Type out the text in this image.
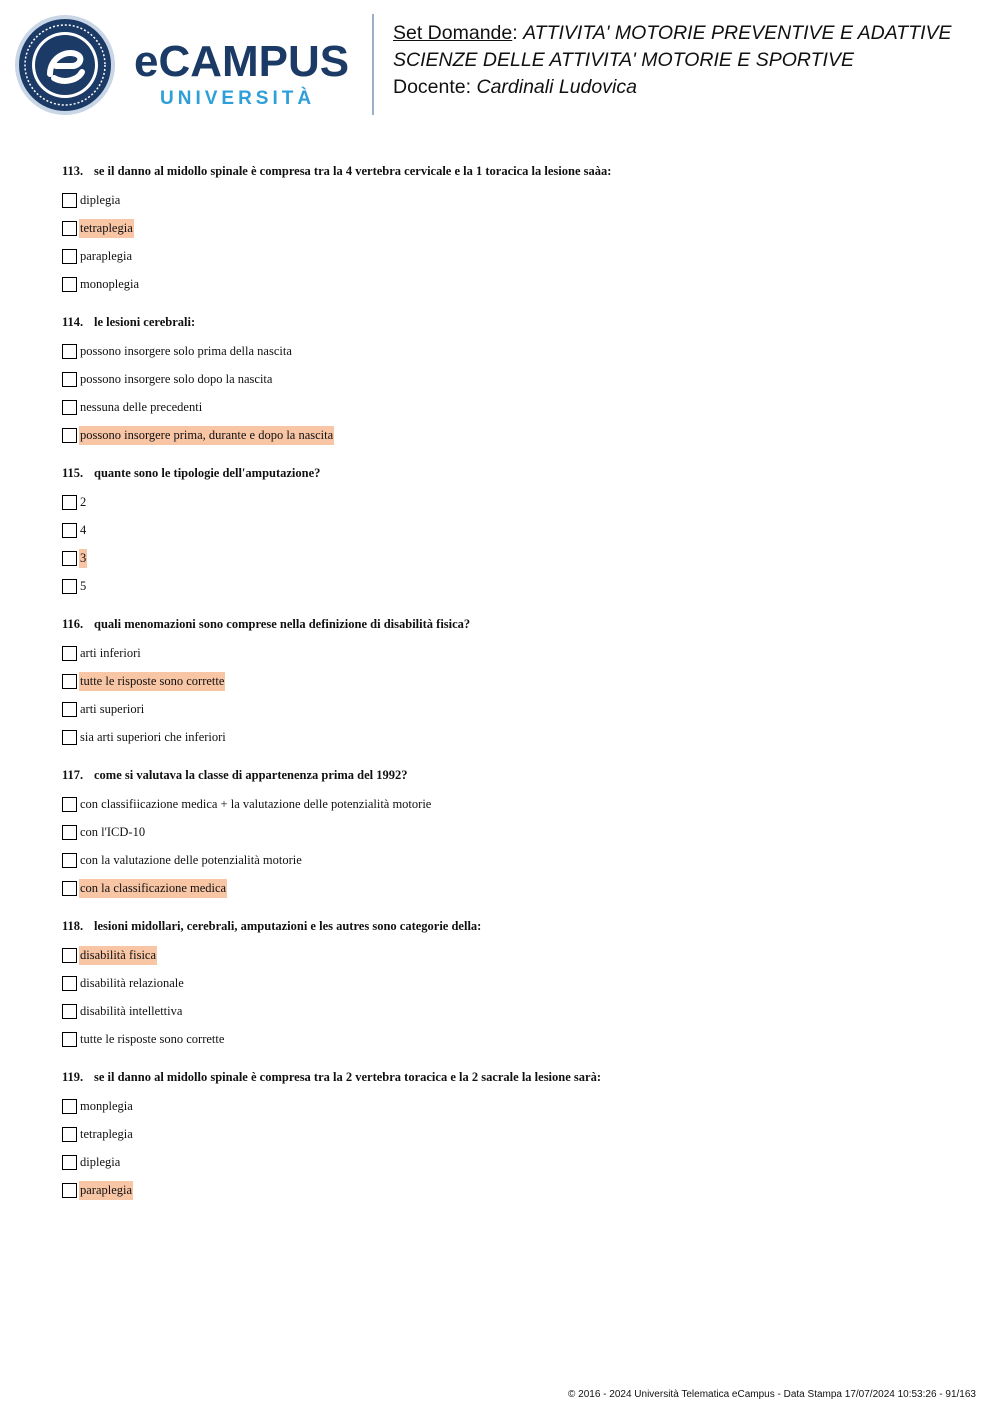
eCAMPUS
UNIVERSITÀ
Set Domande: ATTIVITA' MOTORIE PREVENTIVE E ADATTIVE
SCIENZE DELLE ATTIVITA' MOTORIE E SPORTIVE
Docente: Cardinali Ludovica
113. se il danno al midollo spinale è compresa tra la 4 vertebra cervicale e la 1 toracica la lesione saàa:
diplegia
tetraplegia
paraplegia
monoplegia
114. le lesioni cerebrali:
possono insorgere solo prima della nascita
possono insorgere solo dopo la nascita
nessuna delle precedenti
possono insorgere prima, durante e dopo la nascita
115. quante sono le tipologie dell'amputazione?
2
4
3
5
116. quali menomazioni sono comprese nella definizione di disabilità fisica?
arti inferiori
tutte le risposte sono corrette
arti superiori
sia arti superiori che inferiori
117. come si valutava la classe di appartenenza prima del 1992?
con classifiicazione medica + la valutazione delle potenzialità motorie
con l'ICD-10
con la valutazione delle potenzialità motorie
con la classificazione medica
118. lesioni midollari, cerebrali, amputazioni e les autres sono categorie della:
disabilità fisica
disabilità relazionale
disabilità intellettiva
tutte le risposte sono corrette
119. se il danno al midollo spinale è compresa tra la 2 vertebra toracica e la 2 sacrale la lesione sarà:
monplegia
tetraplegia
diplegia
paraplegia
© 2016 - 2024 Università Telematica eCampus - Data Stampa 17/07/2024 10:53:26 - 91/163
